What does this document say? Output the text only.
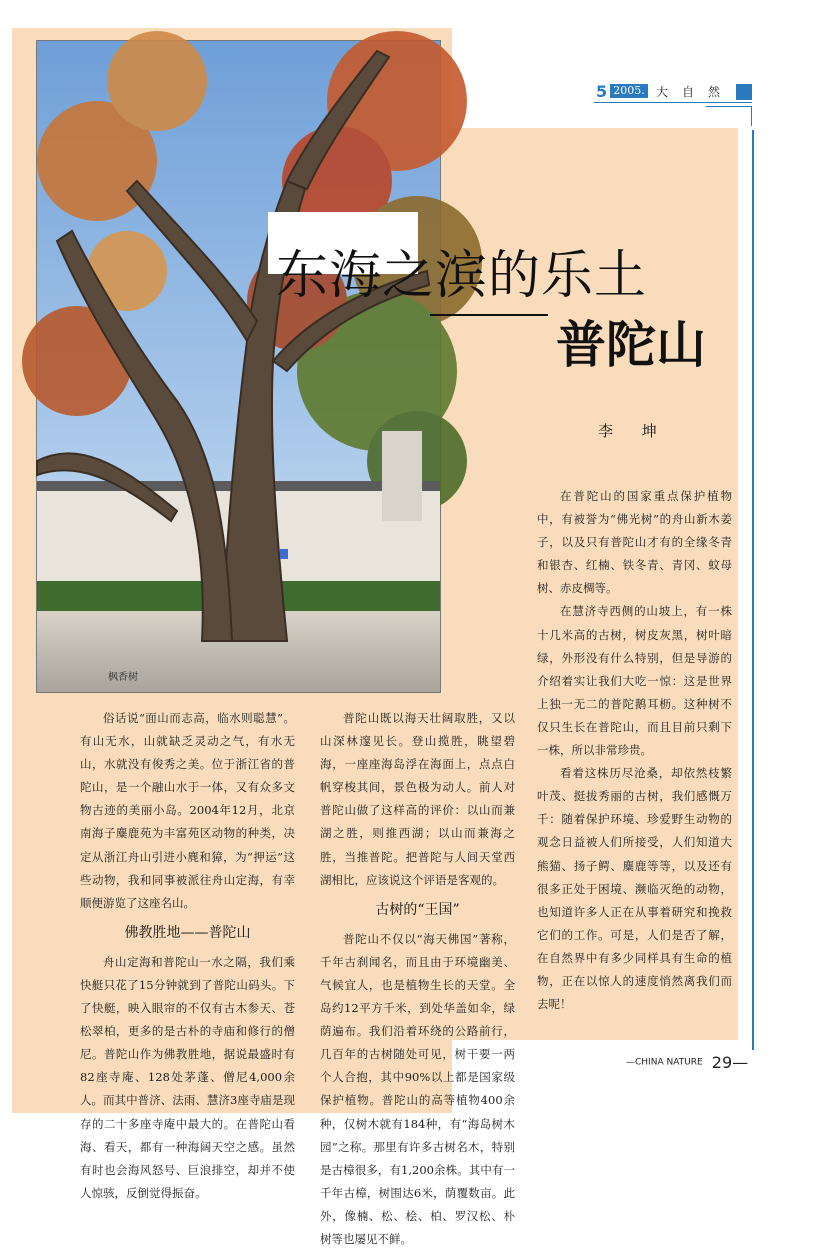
枫香树
东海之滨的乐土
普陀山
5 2005. 大自然
李 坤

俗话说“面山而志高，临水则聪慧”。有山无水，山就缺乏灵动之气，有水无山，水就没有俊秀之美。位于浙江省的普陀山，是一个融山水于一体，又有众多文物古迹的美丽小岛。2004年12月，北京南海子麋鹿苑为丰富苑区动物的种类，决定从浙江舟山引进小麂和獐，为“押运”这些动物，我和同事被派往舟山定海，有幸顺便游览了这座名山。

佛教胜地——普陀山

舟山定海和普陀山一水之隔，我们乘快艇只花了15分钟就到了普陀山码头。下了快艇，映入眼帘的不仅有古木参天、苍松翠柏，更多的是古朴的寺庙和修行的僧尼。普陀山作为佛教胜地，据说最盛时有82座寺庵、128处茅蓬、僧尼4,000余人。而其中普济、法雨、慧济3座寺庙是现存的二十多座寺庵中最大的。在普陀山看海、看天，都有一种海阔天空之感。虽然有时也会海风怒号、巨浪排空，却并不使人惊骇，反倒觉得振奋。

普陀山既以海天壮阔取胜，又以山深林邃见长。登山揽胜，眺望碧海，一座座海岛浮在海面上，点点白帆穿梭其间，景色极为动人。前人对普陀山做了这样高的评价：以山而兼湖之胜，则推西湖；以山而兼海之胜，当推普陀。把普陀与人间天堂西湖相比，应该说这个评语是客观的。

古树的“王国”

普陀山不仅以“海天佛国”著称，千年古刹闻名，而且由于环境幽美、气候宜人，也是植物生长的天堂。全岛约12平方千米，到处华盖如伞，绿荫遍布。我们沿着环绕的公路前行，几百年的古树随处可见，树干要一两个人合抱，其中90%以上都是国家级保护植物。普陀山的高等植物400余种，仅树木就有184种，有“海岛树木园”之称。那里有许多古树名木，特别是古樟很多，有1,200余株。其中有一千年古樟，树围达6米，荫覆数亩。此外，像楠、松、桧、柏、罗汉松、朴树等也屡见不鲜。

在普陀山的国家重点保护植物中，有被誉为“佛光树”的舟山新木姜子，以及只有普陀山才有的全缘冬青和银杏、红楠、铁冬青、青冈、蚊母树、赤皮椆等。

在慧济寺西侧的山坡上，有一株十几米高的古树，树皮灰黑，树叶暗绿，外形没有什么特别，但是导游的介绍着实让我们大吃一惊：这是世界上独一无二的普陀鹅耳枥。这种树不仅只生长在普陀山，而且目前只剩下一株，所以非常珍贵。

看着这株历尽沧桑，却依然枝繁叶茂、挺拔秀丽的古树，我们感慨万千：随着保护环境、珍爱野生动物的观念日益被人们所接受，人们知道大熊猫、扬子鳄、麋鹿等等，以及还有很多正处于困境、濒临灭绝的动物，也知道许多人正在从事着研究和挽救它们的工作。可是，人们是否了解，在自然界中有多少同样具有生命的植物，正在以惊人的速度悄然离我们而去呢！

—CHINA NATURE 29—
